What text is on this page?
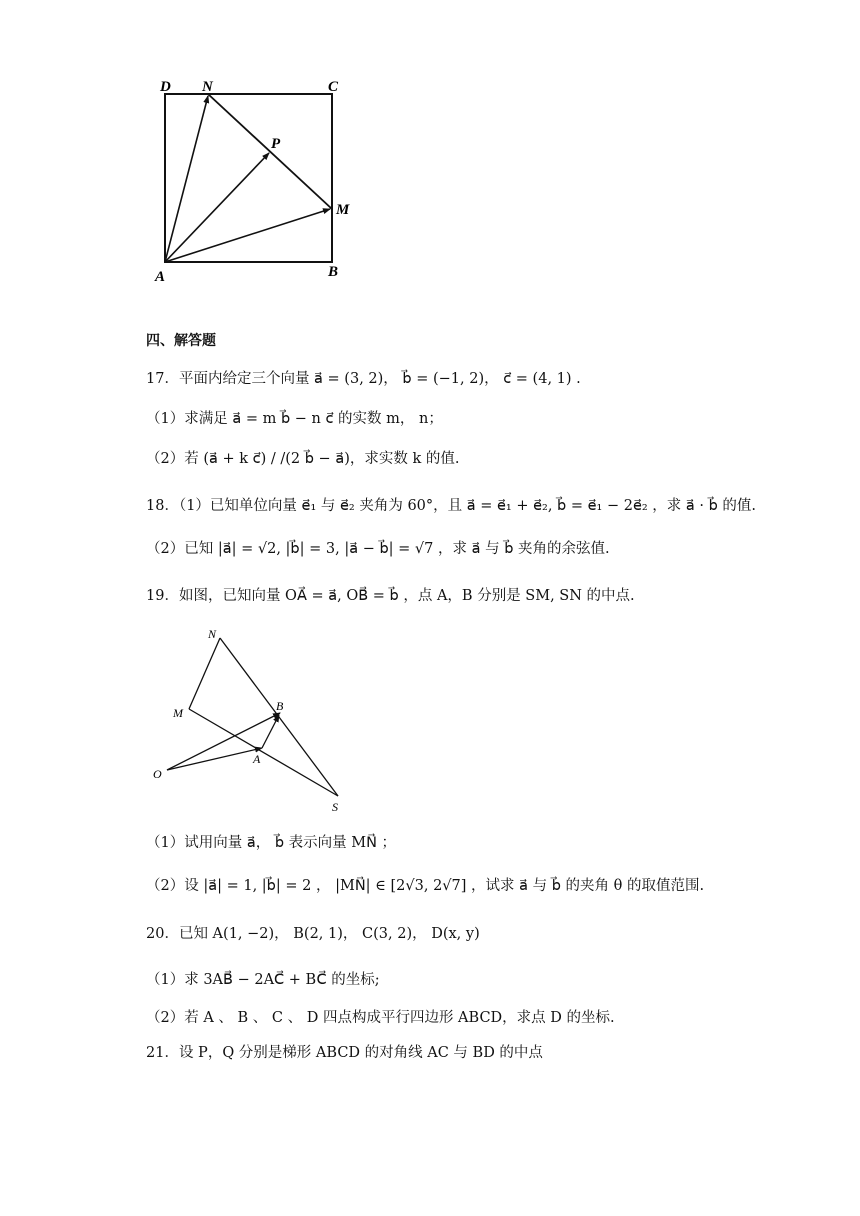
D N	C
P
M
A	B
四、解答题
17．平面内给定三个向量 a⃗ = (3, 2)， b⃗ = (−1, 2)， c⃗ = (4, 1) .
（1）求满足 a⃗ = m b⃗ − n c⃗ 的实数 m， n；
（2）若 (a⃗ + k c⃗) / /(2 b⃗ − a⃗)，求实数 k 的值.
18．（1）已知单位向量 e⃗₁ 与 e⃗₂ 夹角为 60°，且 a⃗ = e⃗₁ + e⃗₂, b⃗ = e⃗₁ − 2e⃗₂ ，求 a⃗ · b⃗ 的值.
（2）已知 |a⃗| = √2, |b⃗| = 3, |a⃗ − b⃗| = √7 ，求 a⃗ 与 b⃗ 夹角的余弦值.
19．如图，已知向量 OA⃗ = a⃗, OB⃗ = b⃗ ，点 A，B 分别是 SM, SN 的中点.
N
M	B
A
O
S
（1）试用向量 a⃗， b⃗ 表示向量 MN⃗ ；
（2）设 |a⃗| = 1, |b⃗| = 2 ， |MN⃗| ∈ [2√3, 2√7] ，试求 a⃗ 与 b⃗ 的夹角 θ 的取值范围.
20．已知 A(1, −2)， B(2, 1)， C(3, 2)， D(x, y)
（1）求 3AB⃗ − 2AC⃗ + BC⃗ 的坐标;
（2）若 A 、 B 、 C 、 D 四点构成平行四边形 ABCD，求点 D 的坐标.
21．设 P，Q 分别是梯形 ABCD 的对角线 AC 与 BD 的中点
